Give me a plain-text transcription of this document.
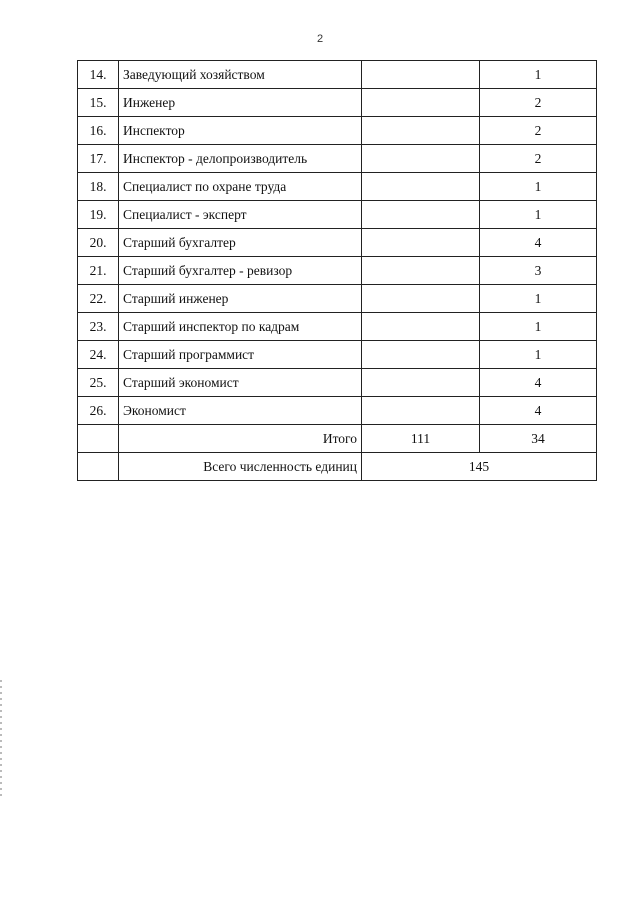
2
14.	Заведующий хозяйством		1
15.	Инженер		2
16.	Инспектор		2
17.	Инспектор - делопроизводитель		2
18.	Специалист по охране труда		1
19.	Специалист - эксперт		1
20.	Старший бухгалтер		4
21.	Старший бухгалтер - ревизор		3
22.	Старший инженер		1
23.	Старший инспектор по кадрам		1
24.	Старший программист		1
25.	Старший экономист		4
26.	Экономист		4
	Итого	111	34
	Всего численность единиц	145	
